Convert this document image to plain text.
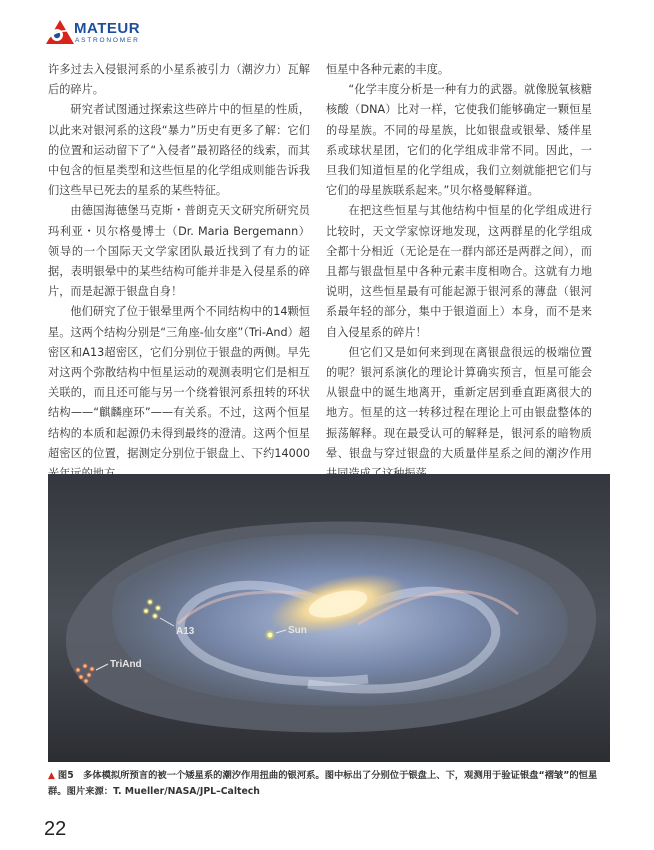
MATEUR
ASTRONOMER

许多过去入侵银河系的小星系被引力（潮汐力）瓦解后的碎片。

研究者试图通过探索这些碎片中的恒星的性质，以此来对银河系的这段“暴力”历史有更多了解：它们的位置和运动留下了“入侵者”最初路径的线索，而其中包含的恒星类型和这些恒星的化学组成则能告诉我们这些早已死去的星系的某些特征。

由德国海德堡马克斯・普朗克天文研究所研究员玛利亚・贝尔格曼博士（Dr. Maria Bergemann）领导的一个国际天文学家团队最近找到了有力的证据，表明银晕中的某些结构可能并非是入侵星系的碎片，而是起源于银盘自身！

他们研究了位于银晕里两个不同结构中的14颗恒星。这两个结构分别是“三角座-仙女座”（Tri-And）超密区和A13超密区，它们分别位于银盘的两侧。早先对这两个弥散结构中恒星运动的观测表明它们是相互关联的，而且还可能与另一个绕着银河系扭转的环状结构——“麒麟座环”——有关系。不过，这两个恒星结构的本质和起源仍未得到最终的澄清。这两个恒星超密区的位置，据测定分别位于银盘上、下约14000

恒星中各种元素的丰度。

“化学丰度分析是一种有力的武器。就像脱氧核糖核酸（DNA）比对一样，它使我们能够确定一颗恒星的母星族。不同的母星族，比如银盘或银晕、矮伴星系或球状星团，它们的化学组成非常不同。因此，一旦我们知道恒星的化学组成，我们立刻就能把它们与它们的母星族联系起来。”贝尔格曼解释道。

在把这些恒星与其他结构中恒星的化学组成进行比较时，天文学家惊讶地发现，这两群星的化学组成全都十分相近（无论是在一群内部还是两群之间），而且都与银盘恒星中各种元素丰度相吻合。这就有力地说明，这些恒星最有可能起源于银河系的薄盘（银河系最年轻的部分，集中于银道面上）本身，而不是来自入侵星系的碎片！

但它们又是如何来到现在离银盘很远的极端位置的呢？银河系演化的理论计算确实预言，恒星可能会从银盘中的诞生地离开，重新定居到垂直距离很大的地方。恒星的这一转移过程在理论上可由银盘整体的振荡解释。现在最受认可的解释是，银河系的暗物质晕、银盘与穿过银盘的大质量伴星系之间的潮汐作用

A13	Sun
TriAnd
▲ 图5　多体模拟所预言的被一个矮星系的潮汐作用扭曲的银河系。图中标出了分别位于银盘上、下，观测用于验证银盘“褶皱”的恒星群。图片来源：T. Mueller/NASA/JPL–Caltech
22
